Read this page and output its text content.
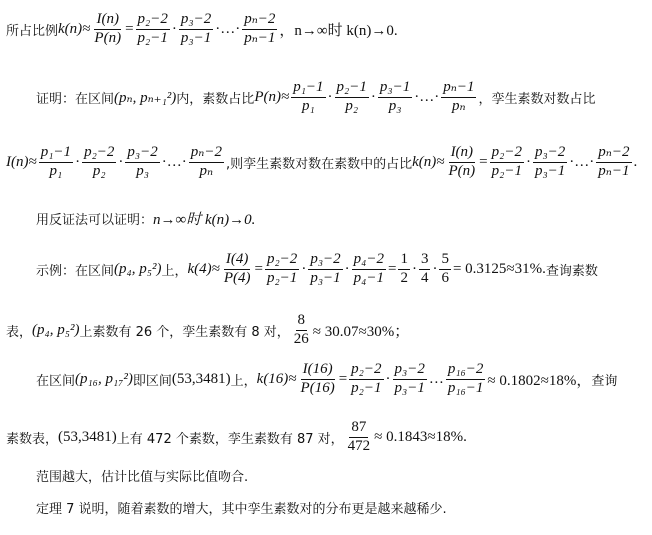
所占比例 $k(n)\approx \frac{I(n)}{P(n)} = \frac{\text{p₂−2}}{\text{p₂−1}} \cdot \frac{\text{p₃−2}}{\text{p₃−1}}$ ·…· $\frac{\text{pₙ−2}}{\text{pₙ−1}}$ ，n→∞时 k(n)→0.
证明：在区间 (pₙ, pₙ₊₁²) 内，素数占比 $P(n)\approx \frac{\text{p₁−1}}{\text{p₁}} \cdot \frac{\text{p₂−1}}{\text{p₂}} \cdot \frac{\text{p₃−1}}{\text{p₃}}$ ·…· $\frac{\text{pₙ−1}}{\text{pₙ}}$ ，孪生素数对数占比
$I(n)\approx \frac{\text{p₁−1}}{\text{p₁}} \cdot \frac{\text{p₂−2}}{\text{p₂}} \cdot \frac{\text{p₃−2}}{\text{p₃}}$ ·…· $\frac{\text{pₙ−2}}{\text{pₙ}}$ ,则孪生素数对数在素数中的占比 $k(n)\approx \frac{I(n)}{P(n)} = \frac{\text{p₂−2}}{\text{p₂−1}} \cdot \frac{\text{p₃−2}}{\text{p₃−1}}$ ·…· $\frac{\text{pₙ−2}}{\text{pₙ−1}}$ .
用反证法可以证明： n→∞时 k(n)→0.
示例：在区间 (p₄, p₅²) 上， $k(4)\approx \frac{I(4)}{P(4)} = \frac{\text{p₂−2}}{\text{p₂−1}} \cdot \frac{\text{p₃−2}}{\text{p₃−1}} \cdot \frac{\text{p₄−2}}{\text{p₄−1}} = \frac{1}{2} \cdot \frac{3}{4} \cdot \frac{5}{6} = 0.3125\approx 31\%$. 查询素数
表， (p₄, p₅²) 上素数有 26 个，孪生素数有 8 对， $\frac{8}{26} \approx 30.07\approx 30\%$；
在区间 (p₁₆, p₁₇²) 即区间 (53,3481) 上， $k(16)\approx \frac{I(16)}{P(16)} = \frac{\text{p₂−2}}{\text{p₂−1}} \cdot \frac{\text{p₃−2}}{\text{p₃−1}}$ … $\frac{\text{p₁₆−2}}{\text{p₁₆−1}} \approx 0.1802\approx 18\%$， 查询
素数表， (53,3481) 上有 472 个素数，孪生素数有 87 对， $\frac{87}{472} \approx 0.1843\approx 18\%$.
范围越大，估计比值与实际比值吻合.
定理 7 说明，随着素数的增大，其中孪生素数对的分布更是越来越稀少.
